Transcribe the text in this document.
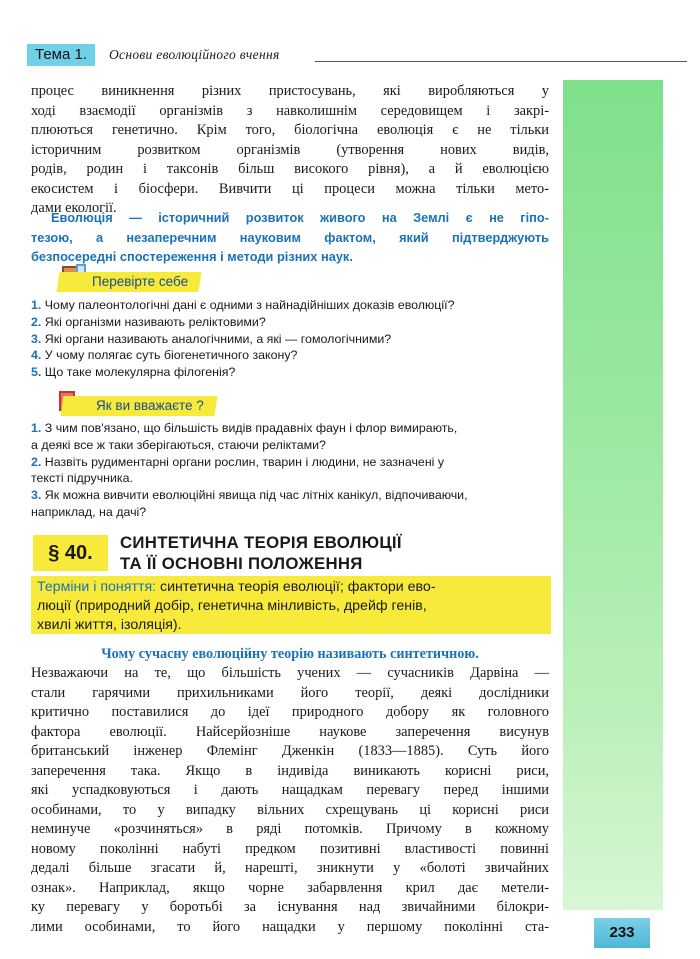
Тема 1.	Основи еволюційного вчення
процес виникнення різних пристосувань, які виробляються у
ході взаємодії організмів з навколишнім середовищем і закрі-
плюються генетично. Крім того, біологічна еволюція є не тільки
історичним розвитком організмів (утворення нових видів,
родів, родин і таксонів більш високого рівня), а й еволюцією
екосистем і біосфери. Вивчити ці процеси можна тільки мето-
дами екології.
Еволюція — історичний розвиток живого на Землі є не гіпо-
тезою, а незаперечним науковим фактом, який підтверджують
безпосередні спостереження і методи різних наук.
Перевірте себе
1. Чому палеонтологічні дані є одними з найнадійніших доказів еволюції?
2. Які організми називають реліктовими?
3. Які органи називають аналогічними, а які — гомологічними?
4. У чому полягає суть біогенетичного закону?
5. Що таке молекулярна філогенія?
Як ви вважаєте ?
1. З чим пов'язано, що більшість видів прадавніх фаун і флор вимирають,
а деякі все ж таки зберігаються, стаючи реліктами?
2. Назвіть рудиментарні органи рослин, тварин і людини, не зазначені у
тексті підручника.
3. Як можна вивчити еволюційні явища під час літніх канікул, відпочиваючи,
наприклад, на дачі?
§ 40.	СИНТЕТИЧНА ТЕОРІЯ ЕВОЛЮЦІЇ
ТА ЇЇ ОСНОВНІ ПОЛОЖЕННЯ
Терміни і поняття: синтетична теорія еволюції; фактори ево-
люції (природний добір, генетична мінливість, дрейф генів,
хвилі життя, ізоляція).
Чому сучасну еволюційну теорію називають синтетичною.
Незважаючи на те, що більшість учених — сучасників Дарвіна —
стали гарячими прихильниками його теорії, деякі дослідники
критично поставилися до ідеї природного добору як головного
фактора еволюції. Найсерйозніше наукове заперечення висунув
британський інженер Флемінг Дженкін (1833—1885). Суть його
заперечення така. Якщо в індивіда виникають корисні риси,
які успадковуються і дають нащадкам перевагу перед іншими
особинами, то у випадку вільних схрещувань ці корисні риси
неминуче «розчиняться» в ряді потомків. Причому в кожному
новому поколінні набуті предком позитивні властивості повинні
дедалі більше згасати й, нарешті, зникнути у «болоті звичайних
ознак». Наприклад, якщо чорне забарвлення крил дає метели-
ку перевагу у боротьбі за існування над звичайними білокри-
лими особинами, то його нащадки у першому поколінні ста-	233
